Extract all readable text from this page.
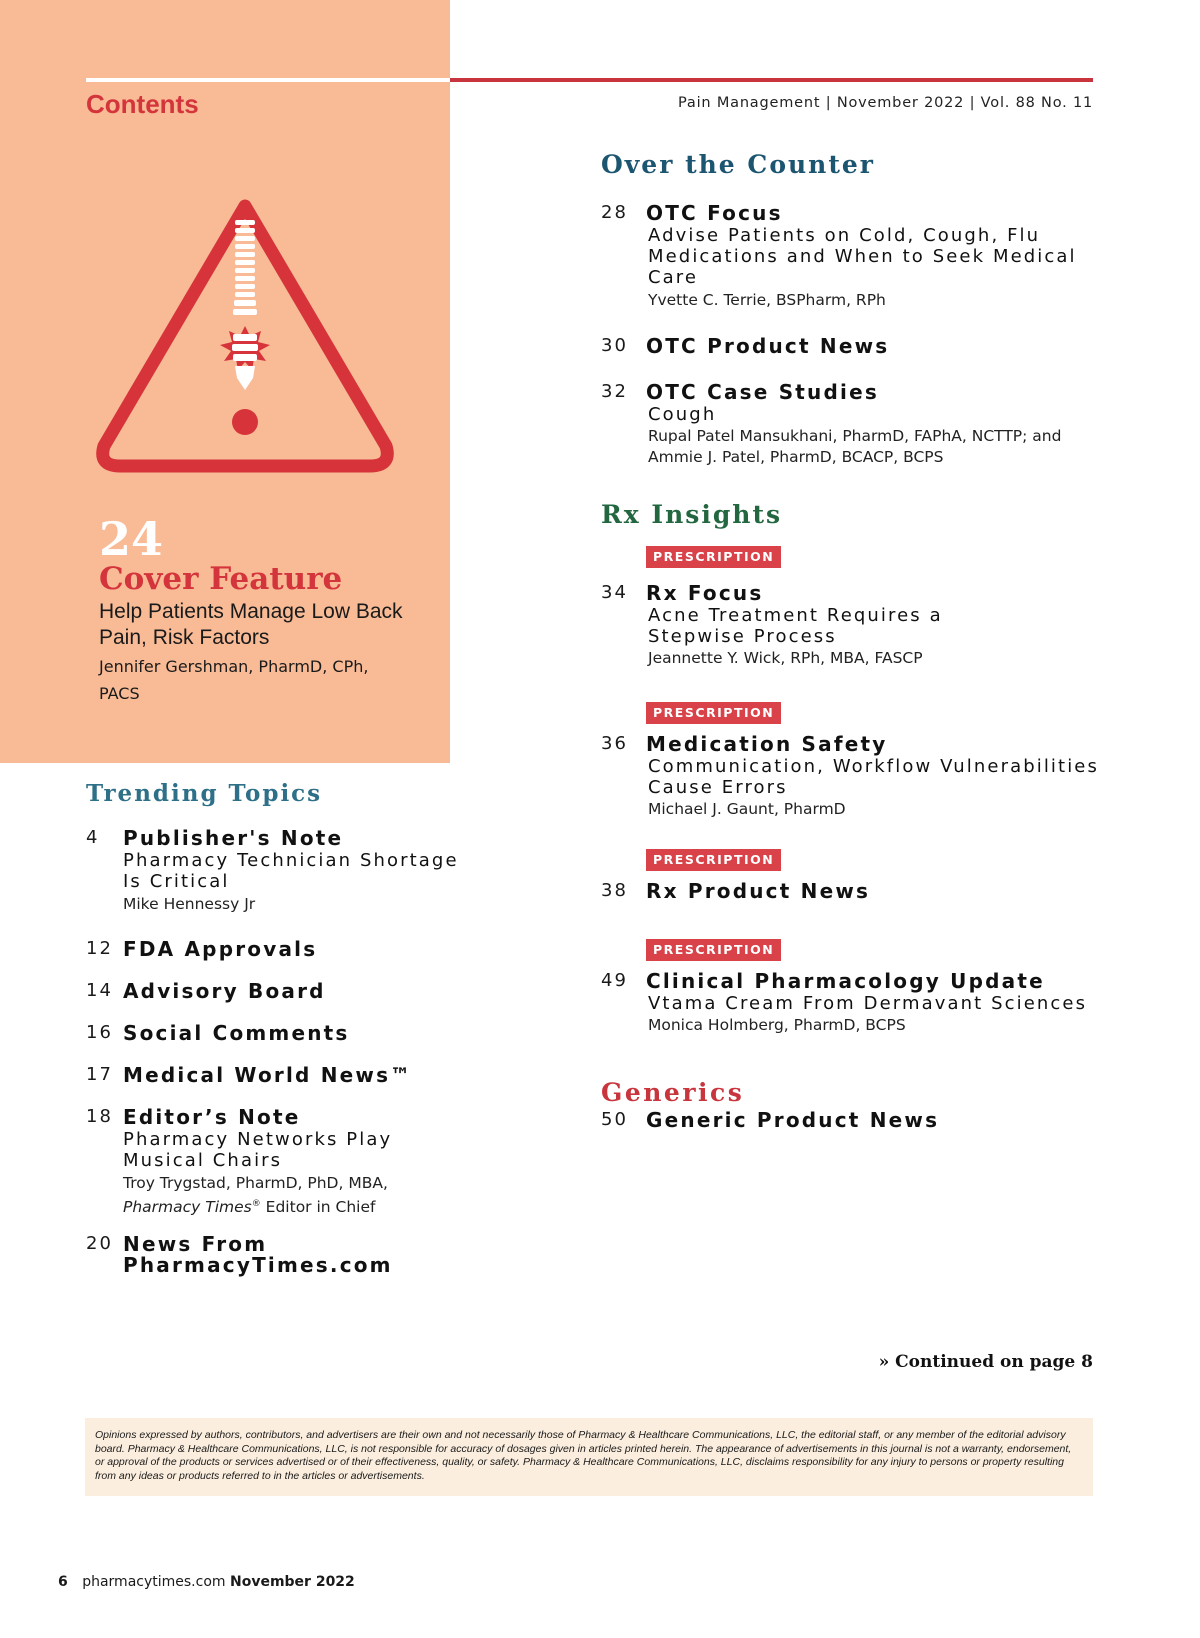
Contents	Pain Management | November 2022 | Vol. 88 No. 11
24
Cover Feature
Help Patients Manage Low Back Pain, Risk Factors
Jennifer Gershman, PharmD, CPh, PACS
Trending Topics
4 Publisher's Note
Pharmacy Technician Shortage
Is Critical
Mike Hennessy Jr
12 FDA Approvals
14 Advisory Board
16 Social Comments
17 Medical World News™
18 Editor’s Note
Pharmacy Networks Play
Musical Chairs
Troy Trygstad, PharmD, PhD, MBA,
Pharmacy Times® Editor in Chief
20 News From
PharmacyTimes.com
Over the Counter
28 OTC Focus
Advise Patients on Cold, Cough, Flu
Medications and When to Seek Medical
Care
Yvette C. Terrie, BSPharm, RPh
30 OTC Product News
32 OTC Case Studies
Cough
Rupal Patel Mansukhani, PharmD, FAPhA, NCTTP; and
Ammie J. Patel, PharmD, BCACP, BCPS
Rx Insights
PRESCRIPTION
34 Rx Focus
Acne Treatment Requires a
Stepwise Process
Jeannette Y. Wick, RPh, MBA, FASCP
PRESCRIPTION
36 Medication Safety
Communication, Workflow Vulnerabilities
Cause Errors
Michael J. Gaunt, PharmD
PRESCRIPTION
38 Rx Product News
PRESCRIPTION
49 Clinical Pharmacology Update
Vtama Cream From Dermavant Sciences
Monica Holmberg, PharmD, BCPS
Generics
50 Generic Product News
» Continued on page 8
Opinions expressed by authors, contributors, and advertisers are their own and not necessarily those of Pharmacy & Healthcare Communications, LLC, the editorial staff, or any member of the editorial advisory board. Pharmacy & Healthcare Communications, LLC, is not responsible for accuracy of dosages given in articles printed herein. The appearance of advertisements in this journal is not a warranty, endorsement, or approval of the products or services advertised or of their effectiveness, quality, or safety. Pharmacy & Healthcare Communications, LLC, disclaims responsibility for any injury to persons or property resulting from any ideas or products referred to in the articles or advertisements.
6 pharmacytimes.com November 2022
